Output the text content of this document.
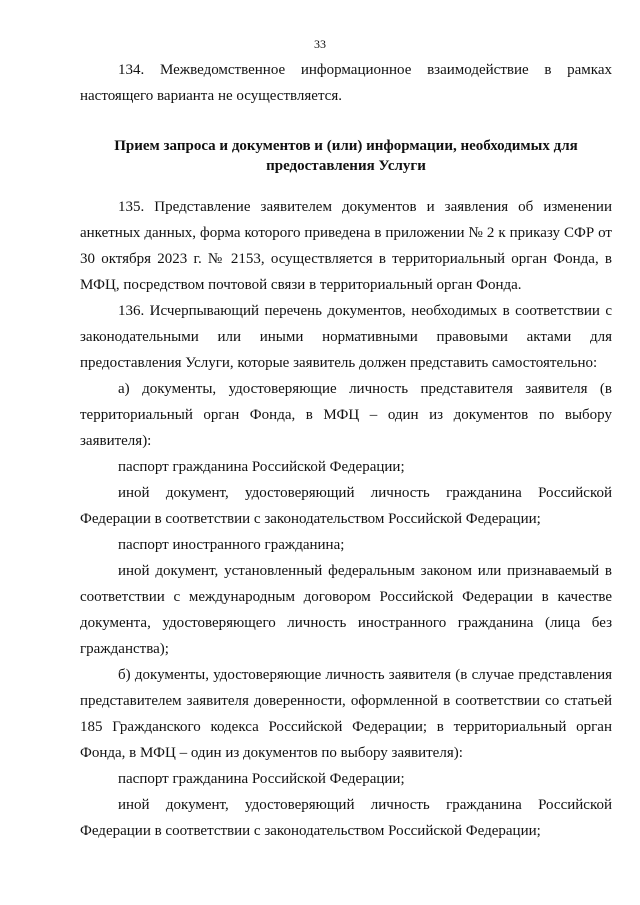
33

134. Межведомственное информационное взаимодействие в рамках настоящего варианта не осуществляется.

Прием запроса и документов и (или) информации, необходимых для предоставления Услуги

135. Представление заявителем документов и заявления об изменении анкетных данных, форма которого приведена в приложении № 2 к приказу СФР от 30 октября 2023 г. № 2153, осуществляется в территориальный орган Фонда, в МФЦ, посредством почтовой связи в территориальный орган Фонда.

136. Исчерпывающий перечень документов, необходимых в соответствии с законодательными или иными нормативными правовыми актами для предоставления Услуги, которые заявитель должен представить самостоятельно:

а) документы, удостоверяющие личность представителя заявителя (в территориальный орган Фонда, в МФЦ – один из документов по выбору заявителя):

паспорт гражданина Российской Федерации;

иной документ, удостоверяющий личность гражданина Российской Федерации в соответствии с законодательством Российской Федерации;

паспорт иностранного гражданина;

иной документ, установленный федеральным законом или признаваемый в соответствии с международным договором Российской Федерации в качестве документа, удостоверяющего личность иностранного гражданина (лица без гражданства);

б) документы, удостоверяющие личность заявителя (в случае представления представителем заявителя доверенности, оформленной в соответствии со статьей 185 Гражданского кодекса Российской Федерации; в территориальный орган Фонда, в МФЦ – один из документов по выбору заявителя):

паспорт гражданина Российской Федерации;

иной документ, удостоверяющий личность гражданина Российской Федерации в соответствии с законодательством Российской Федерации;
